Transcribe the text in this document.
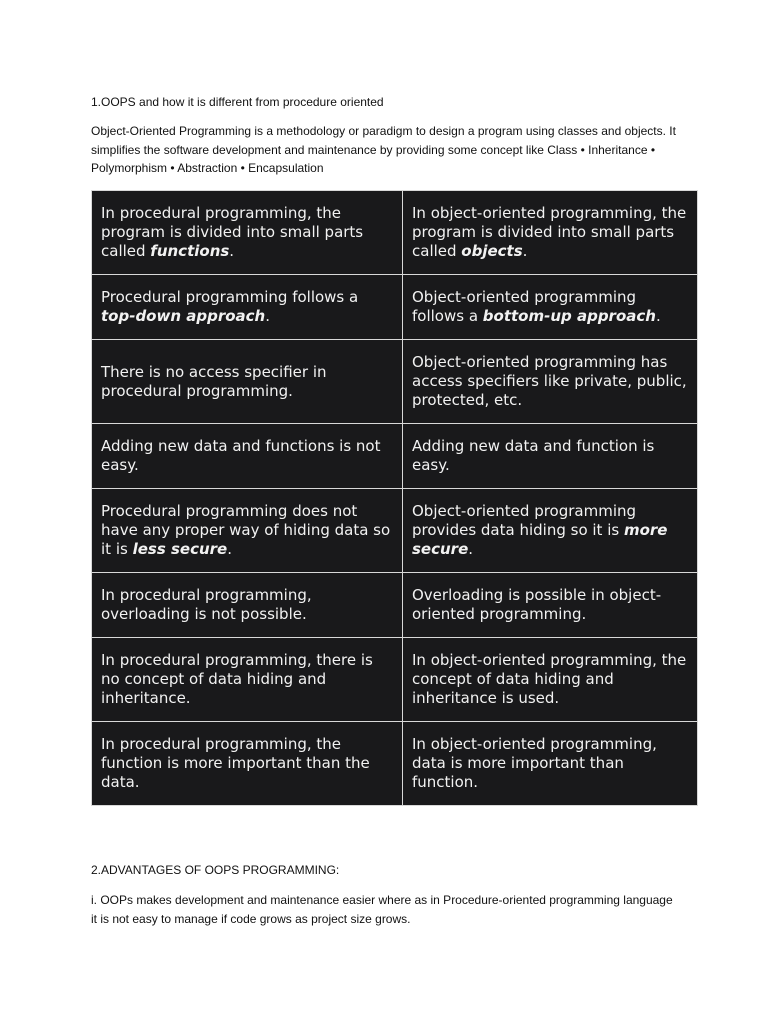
1.OOPS and how it is different from procedure oriented

Object-Oriented Programming is a methodology or paradigm to design a program using classes and objects. It simplifies the software development and maintenance by providing some concept like Class • Inheritance • Polymorphism • Abstraction • Encapsulation

In procedural programming, the program is divided into small parts called functions.	In object-oriented programming, the program is divided into small parts called objects.
Procedural programming follows a top-down approach.	Object-oriented programming follows a bottom-up approach.
There is no access specifier in procedural programming.	Object-oriented programming has access specifiers like private, public, protected, etc.
Adding new data and functions is not easy.	Adding new data and function is easy.
Procedural programming does not have any proper way of hiding data so it is less secure.	Object-oriented programming provides data hiding so it is more secure.
In procedural programming, overloading is not possible.	Overloading is possible in object-oriented programming.
In procedural programming, there is no concept of data hiding and inheritance.	In object-oriented programming, the concept of data hiding and inheritance is used.
In procedural programming, the function is more important than the data.	In object-oriented programming, data is more important than function.

2.ADVANTAGES OF OOPS PROGRAMMING:

i. OOPs makes development and maintenance easier where as in Procedure-oriented programming language it is not easy to manage if code grows as project size grows.
